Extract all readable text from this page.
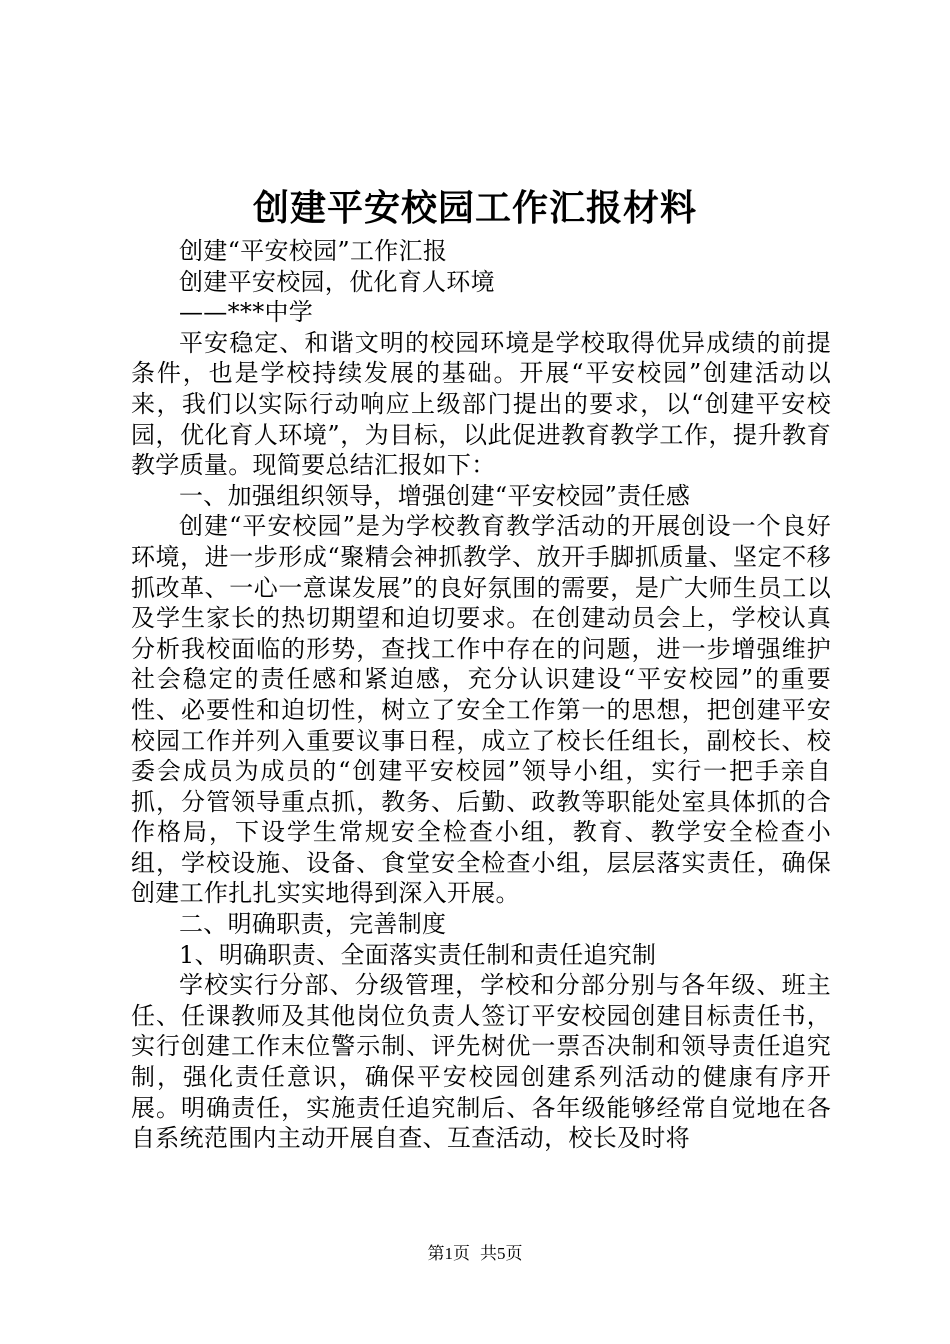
创建平安校园工作汇报材料

创建“平安校园”工作汇报

创建平安校园，优化育人环境

——***中学

平安稳定、和谐文明的校园环境是学校取得优异成绩的前提条件，也是学校持续发展的基础。开展“平安校园”创建活动以来，我们以实际行动响应上级部门提出的要求，以“创建平安校园，优化育人环境”，为目标，以此促进教育教学工作，提升教育教学质量。现简要总结汇报如下：

一、加强组织领导，增强创建“平安校园”责任感

创建“平安校园”是为学校教育教学活动的开展创设一个良好环境，进一步形成“聚精会神抓教学、放开手脚抓质量、坚定不移抓改革、一心一意谋发展”的良好氛围的需要，是广大师生员工以及学生家长的热切期望和迫切要求。在创建动员会上，学校认真分析我校面临的形势，查找工作中存在的问题，进一步增强维护社会稳定的责任感和紧迫感，充分认识建设“平安校园”的重要性、必要性和迫切性，树立了安全工作第一的思想，把创建平安校园工作并列入重要议事日程，成立了校长任组长，副校长、校委会成员为成员的“创建平安校园”领导小组，实行一把手亲自抓，分管领导重点抓，教务、后勤、政教等职能处室具体抓的合作格局，下设学生常规安全检查小组，教育、教学安全检查小组，学校设施、设备、食堂安全检查小组，层层落实责任，确保创建工作扎扎实实地得到深入开展。

二、明确职责，完善制度

1、明确职责、全面落实责任制和责任追究制

学校实行分部、分级管理，学校和分部分别与各年级、班主任、任课教师及其他岗位负责人签订平安校园创建目标责任书，实行创建工作末位警示制、评先树优一票否决制和领导责任追究制，强化责任意识，确保平安校园创建系列活动的健康有序开展。明确责任，实施责任追究制后、各年级能够经常自觉地在各自系统范围内主动开展自查、互查活动，校长及时将

第1页 共5页
